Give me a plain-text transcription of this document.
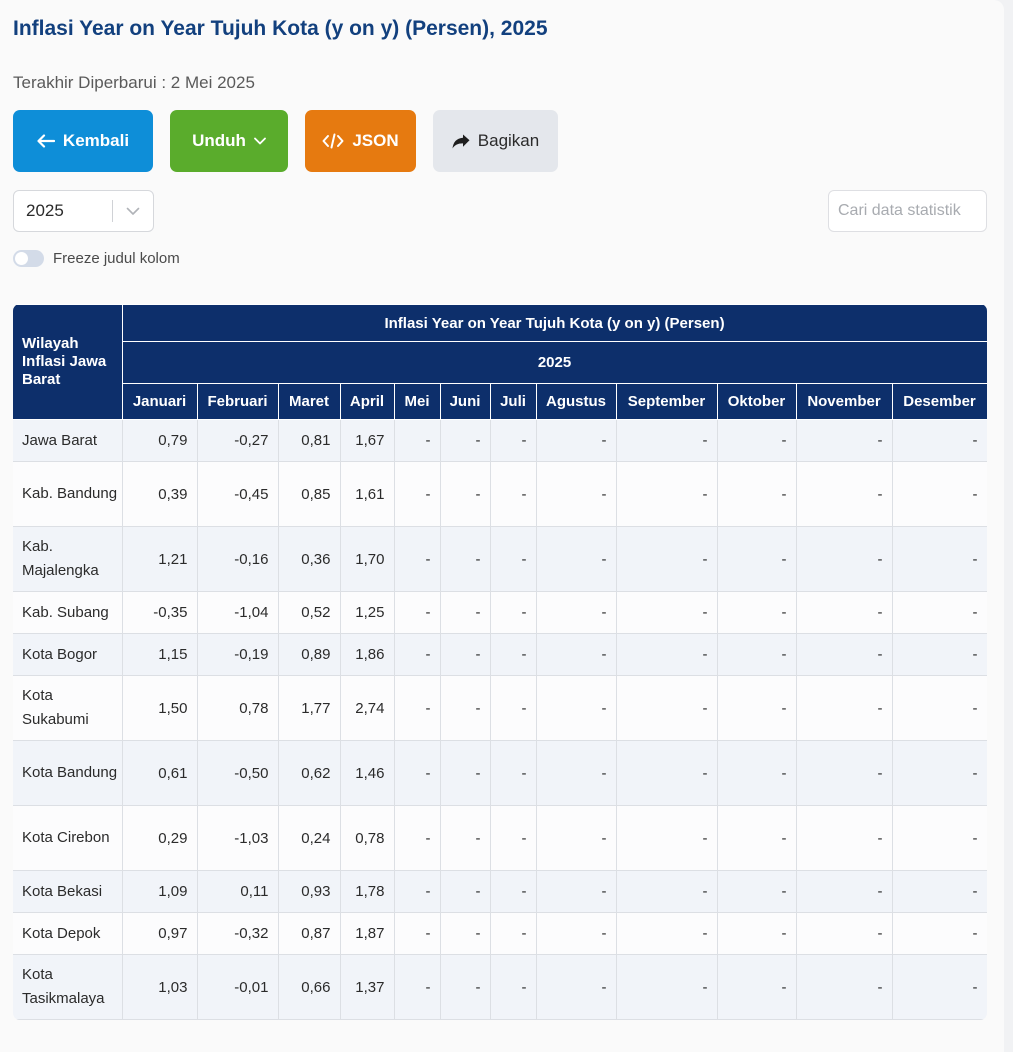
Inflasi Year on Year Tujuh Kota (y on y) (Persen), 2025
Terakhir Diperbarui : 2 Mei 2025
Kembali	Unduh	JSON	Bagikan
2025
Cari data statistik
Freeze judul kolom
Wilayah Inflasi Jawa Barat	Inflasi Year on Year Tujuh Kota (y on y) (Persen)											
	2025											
	Januari	Februari	Maret	April	Mei	Juni	Juli	Agustus	September	Oktober	November	Desember
Jawa Barat	0,79	-0,27	0,81	1,67	-	-	-	-	-	-	-	-
Kab. Bandung	0,39	-0,45	0,85	1,61	-	-	-	-	-	-	-	-
Kab. Majalengka	1,21	-0,16	0,36	1,70	-	-	-	-	-	-	-	-
Kab. Subang	-0,35	-1,04	0,52	1,25	-	-	-	-	-	-	-	-
Kota Bogor	1,15	-0,19	0,89	1,86	-	-	-	-	-	-	-	-
Kota Sukabumi	1,50	0,78	1,77	2,74	-	-	-	-	-	-	-	-
Kota Bandung	0,61	-0,50	0,62	1,46	-	-	-	-	-	-	-	-
Kota Cirebon	0,29	-1,03	0,24	0,78	-	-	-	-	-	-	-	-
Kota Bekasi	1,09	0,11	0,93	1,78	-	-	-	-	-	-	-	-
Kota Depok	0,97	-0,32	0,87	1,87	-	-	-	-	-	-	-	-
Kota Tasikmalaya	1,03	-0,01	0,66	1,37	-	-	-	-	-	-	-	-
